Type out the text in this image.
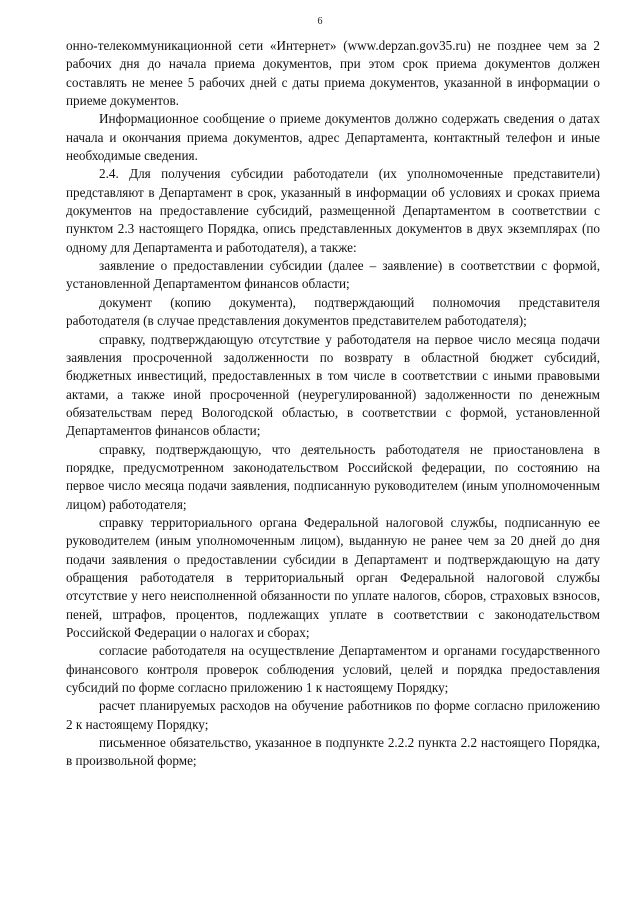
6

онно-телекоммуникационной сети «Интернет» (www.depzan.gov35.ru) не позднее чем за 2 рабочих дня до начала приема документов, при этом срок приема документов должен составлять не менее 5 рабочих дней с даты приема документов, указанной в информации о приеме документов.

Информационное сообщение о приеме документов должно содержать сведения о датах начала и окончания приема документов, адрес Департамента, контактный телефон и иные необходимые сведения.

2.4. Для получения субсидии работодатели (их уполномоченные представители) представляют в Департамент в срок, указанный в информации об условиях и сроках приема документов на предоставление субсидий, размещенной Департаментом в соответствии с пунктом 2.3 настоящего Порядка, опись представленных документов в двух экземплярах (по одному для Департамента и работодателя), а также:

заявление о предоставлении субсидии (далее – заявление) в соответствии с формой, установленной Департаментом финансов области;

документ (копию документа), подтверждающий полномочия представителя работодателя (в случае представления документов представителем работодателя);

справку, подтверждающую отсутствие у работодателя на первое число месяца подачи заявления просроченной задолженности по возврату в областной бюджет субсидий, бюджетных инвестиций, предоставленных в том числе в соответствии с иными правовыми актами, а также иной просроченной (неурегулированной) задолженности по денежным обязательствам перед Вологодской областью, в соответствии с формой, установленной Департаментов финансов области;

справку, подтверждающую, что деятельность работодателя не приостановлена в порядке, предусмотренном законодательством Российской федерации, по состоянию на первое число месяца подачи заявления, подписанную руководителем (иным уполномоченным лицом) работодателя;

справку территориального органа Федеральной налоговой службы, подписанную ее руководителем (иным уполномоченным лицом), выданную не ранее чем за 20 дней до дня подачи заявления о предоставлении субсидии в Департамент и подтверждающую на дату обращения работодателя в территориальный орган Федеральной налоговой службы отсутствие у него неисполненной обязанности по уплате налогов, сборов, страховых взносов, пеней, штрафов, процентов, подлежащих уплате в соответствии с законодательством Российской Федерации о налогах и сборах;

согласие работодателя на осуществление Департаментом и органами государственного финансового контроля проверок соблюдения условий, целей и порядка предоставления субсидий по форме согласно приложению 1 к настоящему Порядку;

расчет планируемых расходов на обучение работников по форме согласно приложению 2 к настоящему Порядку;

письменное обязательство, указанное в подпункте 2.2.2 пункта 2.2 настоящего Порядка, в произвольной форме;
